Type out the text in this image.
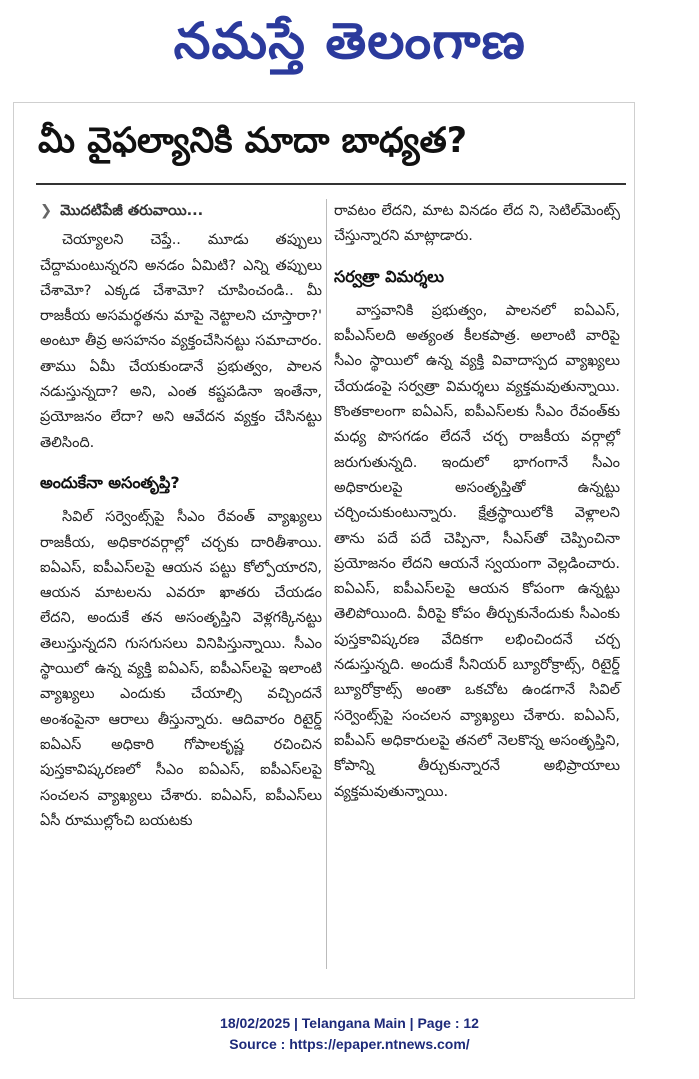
నమస్తే తెలంగాణ
మీ వైఫల్యానికి మాదా బాధ్యత?
❯ మొదటిపేజీ తరువాయి...

చెయ్యాలని చెప్తే.. మూడు తప్పులు చేద్దామంటున్నరని అనడం ఏమిటి? ఎన్ని తప్పులు చేశామో? ఎక్కడ చేశామో? చూపించండి.. మీ రాజకీయ అసమర్థతను మాపై నెట్టాలని చూస్తారా?' అంటూ తీవ్ర అసహనం వ్యక్తంచేసినట్టు సమాచారం. తాము ఏమీ చేయకుండానే ప్రభుత్వం, పాలన నడుస్తున్నదా? అని, ఎంత కష్టపడినా ఇంతేనా, ప్రయోజనం లేదా? అని ఆవేదన వ్యక్తం చేసినట్టు తెలిసింది.

అందుకేనా అసంతృప్తి?

సివిల్ సర్వెంట్స్‌పై సీఎం రేవంత్ వ్యాఖ్యలు రాజకీయ, అధికారవర్గాల్లో చర్చకు దారితీశాయి. ఐఏఎస్, ఐపీఎస్‌లపై ఆయన పట్టు కోల్పోయారని, ఆయన మాటలను ఎవరూ ఖాతరు చేయడం లేదని, అందుకే తన అసంతృప్తిని వెళ్లగక్కినట్టు తెలుస్తున్నదని గుసగుసలు వినిపిస్తున్నాయి. సీఎం స్థాయిలో ఉన్న వ్యక్తి ఐఏఎస్, ఐపీఎస్‌లపై ఇలాంటి వ్యాఖ్యలు ఎందుకు చేయాల్సి వచ్చిందనే అంశంపైనా ఆరాలు తీస్తున్నారు. ఆదివారం రిటైర్డ్ ఐఏఎస్ అధికారి గోపాలకృష్ణ రచించిన పుస్తకావిష్కరణలో సీఎం ఐఏఎస్, ఐపీఎస్‌లపై సంచలన వ్యాఖ్యలు చేశారు. ఐఏఎస్, ఐపీఎస్‌లు ఏసీ రూముల్లోంచి బయటకు

రావటం లేదని, మాట వినడం లేద ని, సెటిల్‌మెంట్స్ చేస్తున్నారని మాట్లాడారు.

సర్వత్రా విమర్శలు

వాస్తవానికి ప్రభుత్వం, పాలనలో ఐఏఎస్, ఐపీఎస్‌లది అత్యంత కీలకపాత్ర. అలాంటి వారిపై సీఎం స్థాయిలో ఉన్న వ్యక్తి వివాదాస్పద వ్యాఖ్యలు చేయడంపై సర్వత్రా విమర్శలు వ్యక్తమవుతున్నాయి. కొంతకాలంగా ఐఏఎస్, ఐపీఎస్‌లకు సీఎం రేవంత్‌కు మధ్య పొసగడం లేదనే చర్చ రాజకీయ వర్గాల్లో జరుగుతున్నది. ఇందులో భాగంగానే సీఎం అధికారులపై అసంతృప్తితో ఉన్నట్టు చర్చించుకుంటున్నారు. క్షేత్రస్థాయిలోకి వెళ్లాలని తాను పదే పదే చెప్పినా, సీఎస్‌తో చెప్పించినా ప్రయోజనం లేదని ఆయనే స్వయంగా వెల్లడించారు. ఐఏఎస్, ఐపీఎస్‌లపై ఆయన కోపంగా ఉన్నట్టు తెలిపోయింది. వీరిపై కోపం తీర్చుకునేందుకు సీఎంకు పుస్తకావిష్కరణ వేదికగా లభించిందనే చర్చ నడుస్తున్నది. అందుకే సీనియర్ బ్యూరోక్రాట్స్, రిటైర్డ్ బ్యూరోక్రాట్స్ అంతా ఒకచోట ఉండగానే సివిల్ సర్వెంట్స్‌పై సంచలన వ్యాఖ్యలు చేశారు. ఐఏఎస్, ఐపీఎస్ అధికారులపై తనలో నెలకొన్న అసంతృప్తిని, కోపాన్ని తీర్చుకున్నారనే అభిప్రాయాలు వ్యక్తమవుతున్నాయి.

18/02/2025 | Telangana Main | Page : 12
Source : https://epaper.ntnews.com/
